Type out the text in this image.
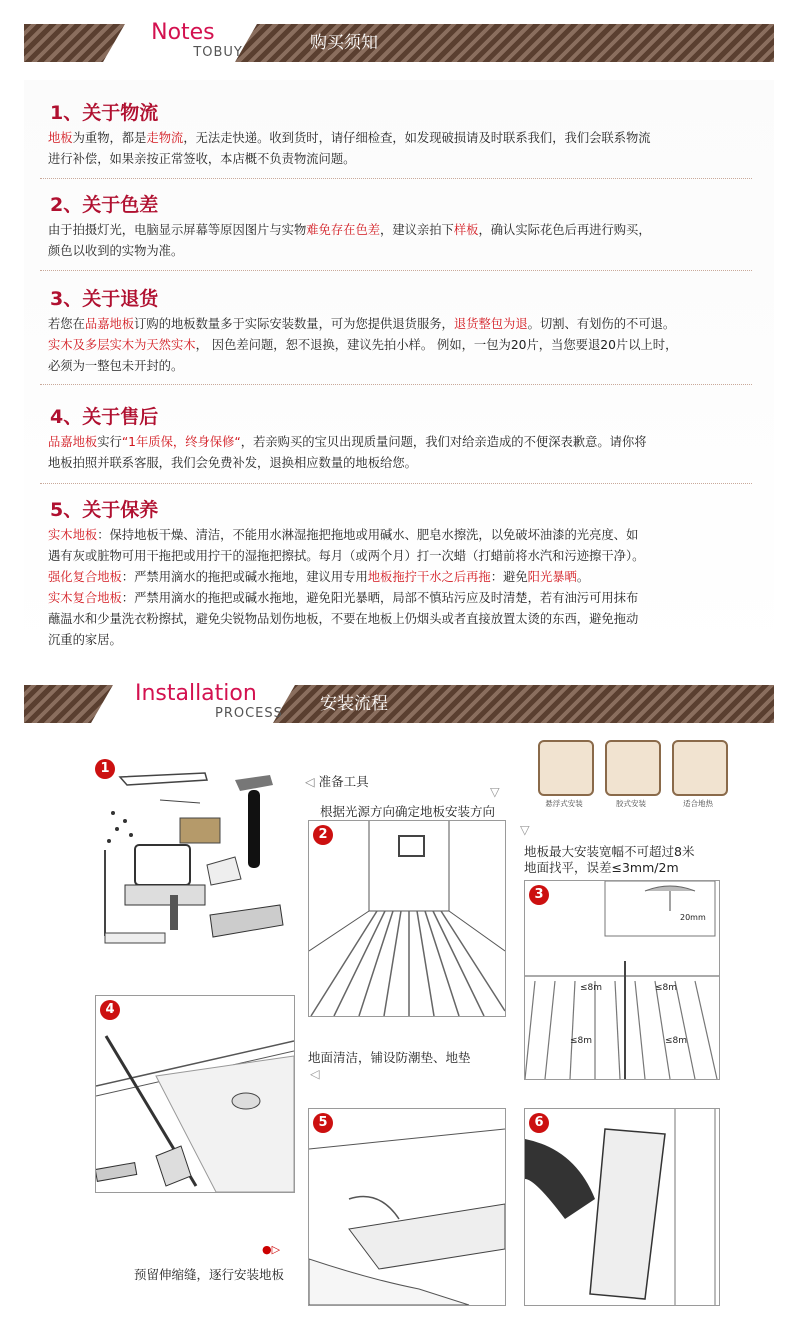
Notes
TOBUY	购买须知
1、关于物流
地板为重物，都是走物流，无法走快递。收到货时，请仔细检查，如发现破损请及时联系我们，我们会联系物流
进行补偿，如果亲按正常签收，本店概不负责物流问题。
2、关于色差
由于拍摄灯光，电脑显示屏幕等原因图片与实物难免存在色差，建议亲拍下样板，确认实际花色后再进行购买，
颜色以收到的实物为准。
3、关于退货
若您在品嘉地板订购的地板数量多于实际安装数量，可为您提供退货服务，退货整包为退。切割、有划伤的不可退。
实木及多层实木为天然实木， 因色差问题，恕不退换，建议先拍小样。 例如，一包为20片，当您要退20片以上时，
必须为一整包未开封的。
4、关于售后
品嘉地板实行“1年质保，终身保修“，若亲购买的宝贝出现质量问题，我们对给亲造成的不便深表歉意。请你将
地板拍照并联系客服，我们会免费补发，退换相应数量的地板给您。
5、关于保养
实木地板：保持地板干燥、清洁，不能用水淋湿拖把拖地或用碱水、肥皂水擦洗，以免破坏油漆的光亮度、如
遇有灰或脏物可用干拖把或用拧干的湿拖把擦拭。每月（或两个月）打一次蜡（打蜡前将水汽和污迹擦干净）。
强化复合地板：严禁用滴水的拖把或碱水拖地，建议用专用地板拖拧干水之后再拖：避免阳光暴晒。
实木复合地板：严禁用滴水的拖把或碱水拖地，避免阳光暴晒，局部不慎玷污应及时清楚，若有油污可用抹布
蘸温水和少量洗衣粉擦拭，避免尖锐物品划伤地板，不要在地板上仍烟头或者直接放置太烫的东西，避免拖动
沉重的家居。
Installation
PROCESS 安装流程
1
◁ 准备工具
▽
根据光源方向确定地板安装方向
2
悬浮式安装	胶式安装	适合地热
▽
地板最大安装宽幅不可超过8米
地面找平，误差≤3mm/2m
3
20mm
≤8m	≤8m
≤8m	≤8m
4
地面清洁，铺设防潮垫、地垫
◁
5	6
●▷
预留伸缩缝，逐行安装地板
